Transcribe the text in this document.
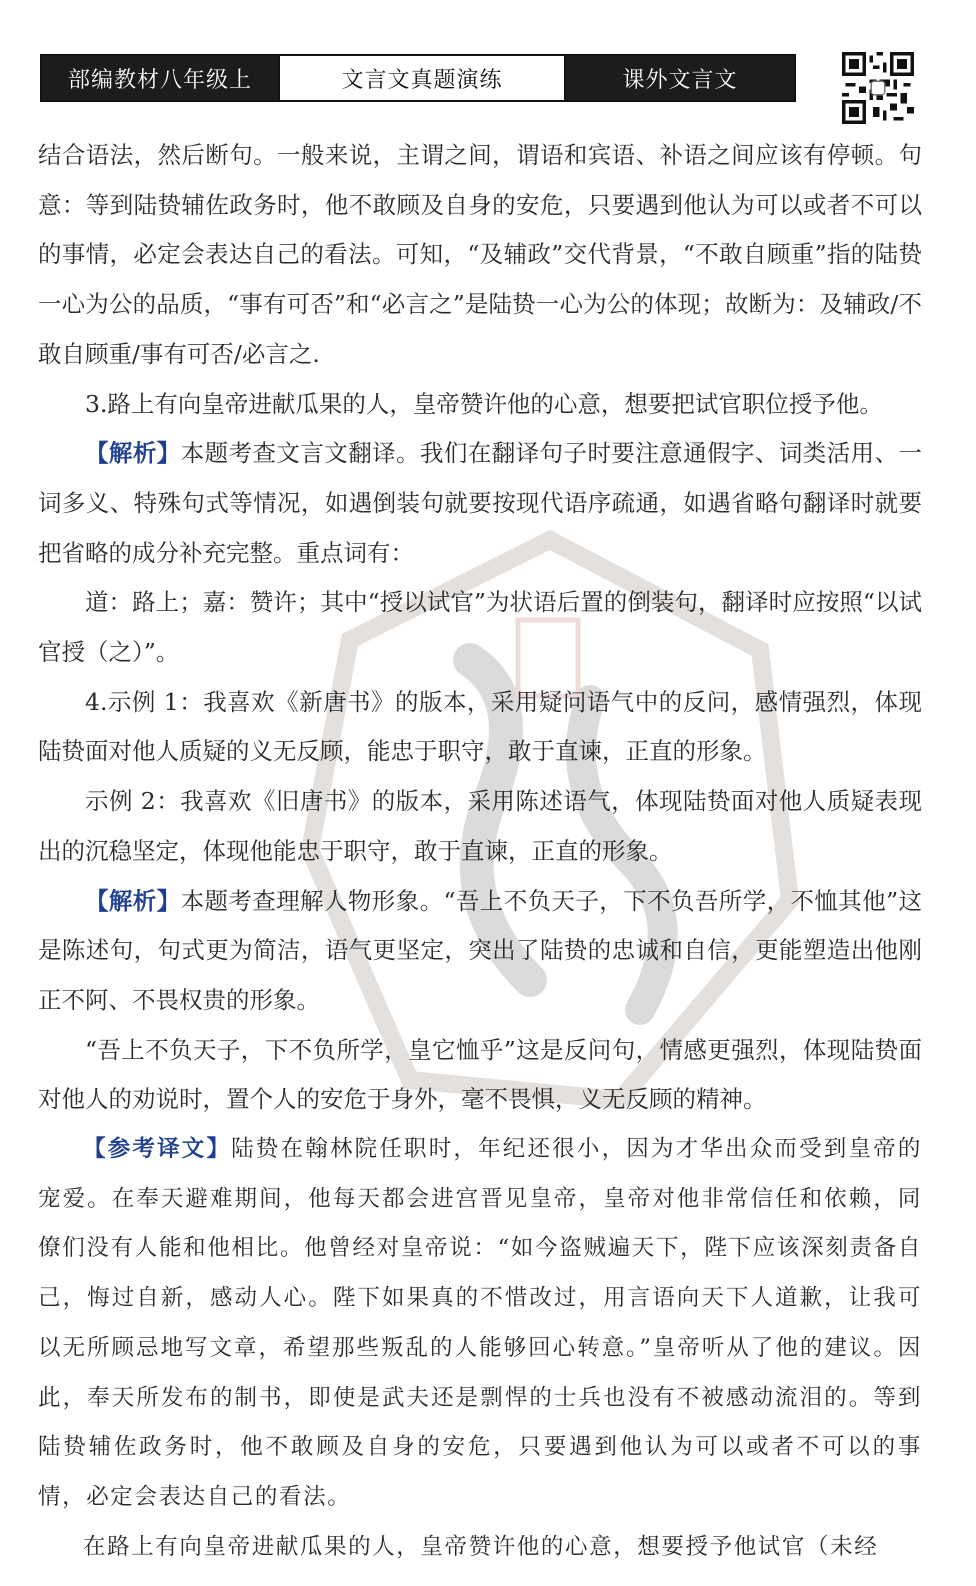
部编教材八年级上	文言文真题演练	课外文言文

结合语法，然后断句。一般来说，主谓之间，谓语和宾语、补语之间应该有停顿。句意：等到陆贽辅佐政务时，他不敢顾及自身的安危，只要遇到他认为可以或者不可以的事情，必定会表达自己的看法。可知，“及辅政”交代背景，“不敢自顾重”指的陆贽一心为公的品质，“事有可否”和“必言之”是陆贽一心为公的体现；故断为：及辅政/不敢自顾重/事有可否/必言之.

3.路上有向皇帝进献瓜果的人，皇帝赞许他的心意，想要把试官职位授予他。

【解析】本题考查文言文翻译。我们在翻译句子时要注意通假字、词类活用、一词多义、特殊句式等情况，如遇倒装句就要按现代语序疏通，如遇省略句翻译时就要把省略的成分补充完整。重点词有：

道：路上；嘉：赞许；其中“授以试官”为状语后置的倒装句，翻译时应按照“以试官授（之）”。

4.示例 1：我喜欢《新唐书》的版本，采用疑问语气中的反问，感情强烈，体现陆贽面对他人质疑的义无反顾，能忠于职守，敢于直谏，正直的形象。

示例 2：我喜欢《旧唐书》的版本，采用陈述语气，体现陆贽面对他人质疑表现出的沉稳坚定，体现他能忠于职守，敢于直谏，正直的形象。

【解析】本题考查理解人物形象。“吾上不负天子，下不负吾所学，不恤其他”这是陈述句，句式更为简洁，语气更坚定，突出了陆贽的忠诚和自信，更能塑造出他刚正不阿、不畏权贵的形象。

“吾上不负天子，下不负所学，皇它恤乎”这是反问句，情感更强烈，体现陆贽面对他人的劝说时，置个人的安危于身外，毫不畏惧，义无反顾的精神。

【参考译文】陆贽在翰林院任职时，年纪还很小，因为才华出众而受到皇帝的宠爱。在奉天避难期间，他每天都会进宫晋见皇帝，皇帝对他非常信任和依赖，同僚们没有人能和他相比。他曾经对皇帝说：“如今盗贼遍天下，陛下应该深刻责备自己，悔过自新，感动人心。陛下如果真的不惜改过，用言语向天下人道歉，让我可以无所顾忌地写文章，希望那些叛乱的人能够回心转意。”皇帝听从了他的建议。因此，奉天所发布的制书，即使是武夫还是剽悍的士兵也没有不被感动流泪的。等到陆贽辅佐政务时，他不敢顾及自身的安危，只要遇到他认为可以或者不可以的事情，必定会表达自己的看法。

在路上有向皇帝进献瓜果的人，皇帝赞许他的心意，想要授予他试官（未经
